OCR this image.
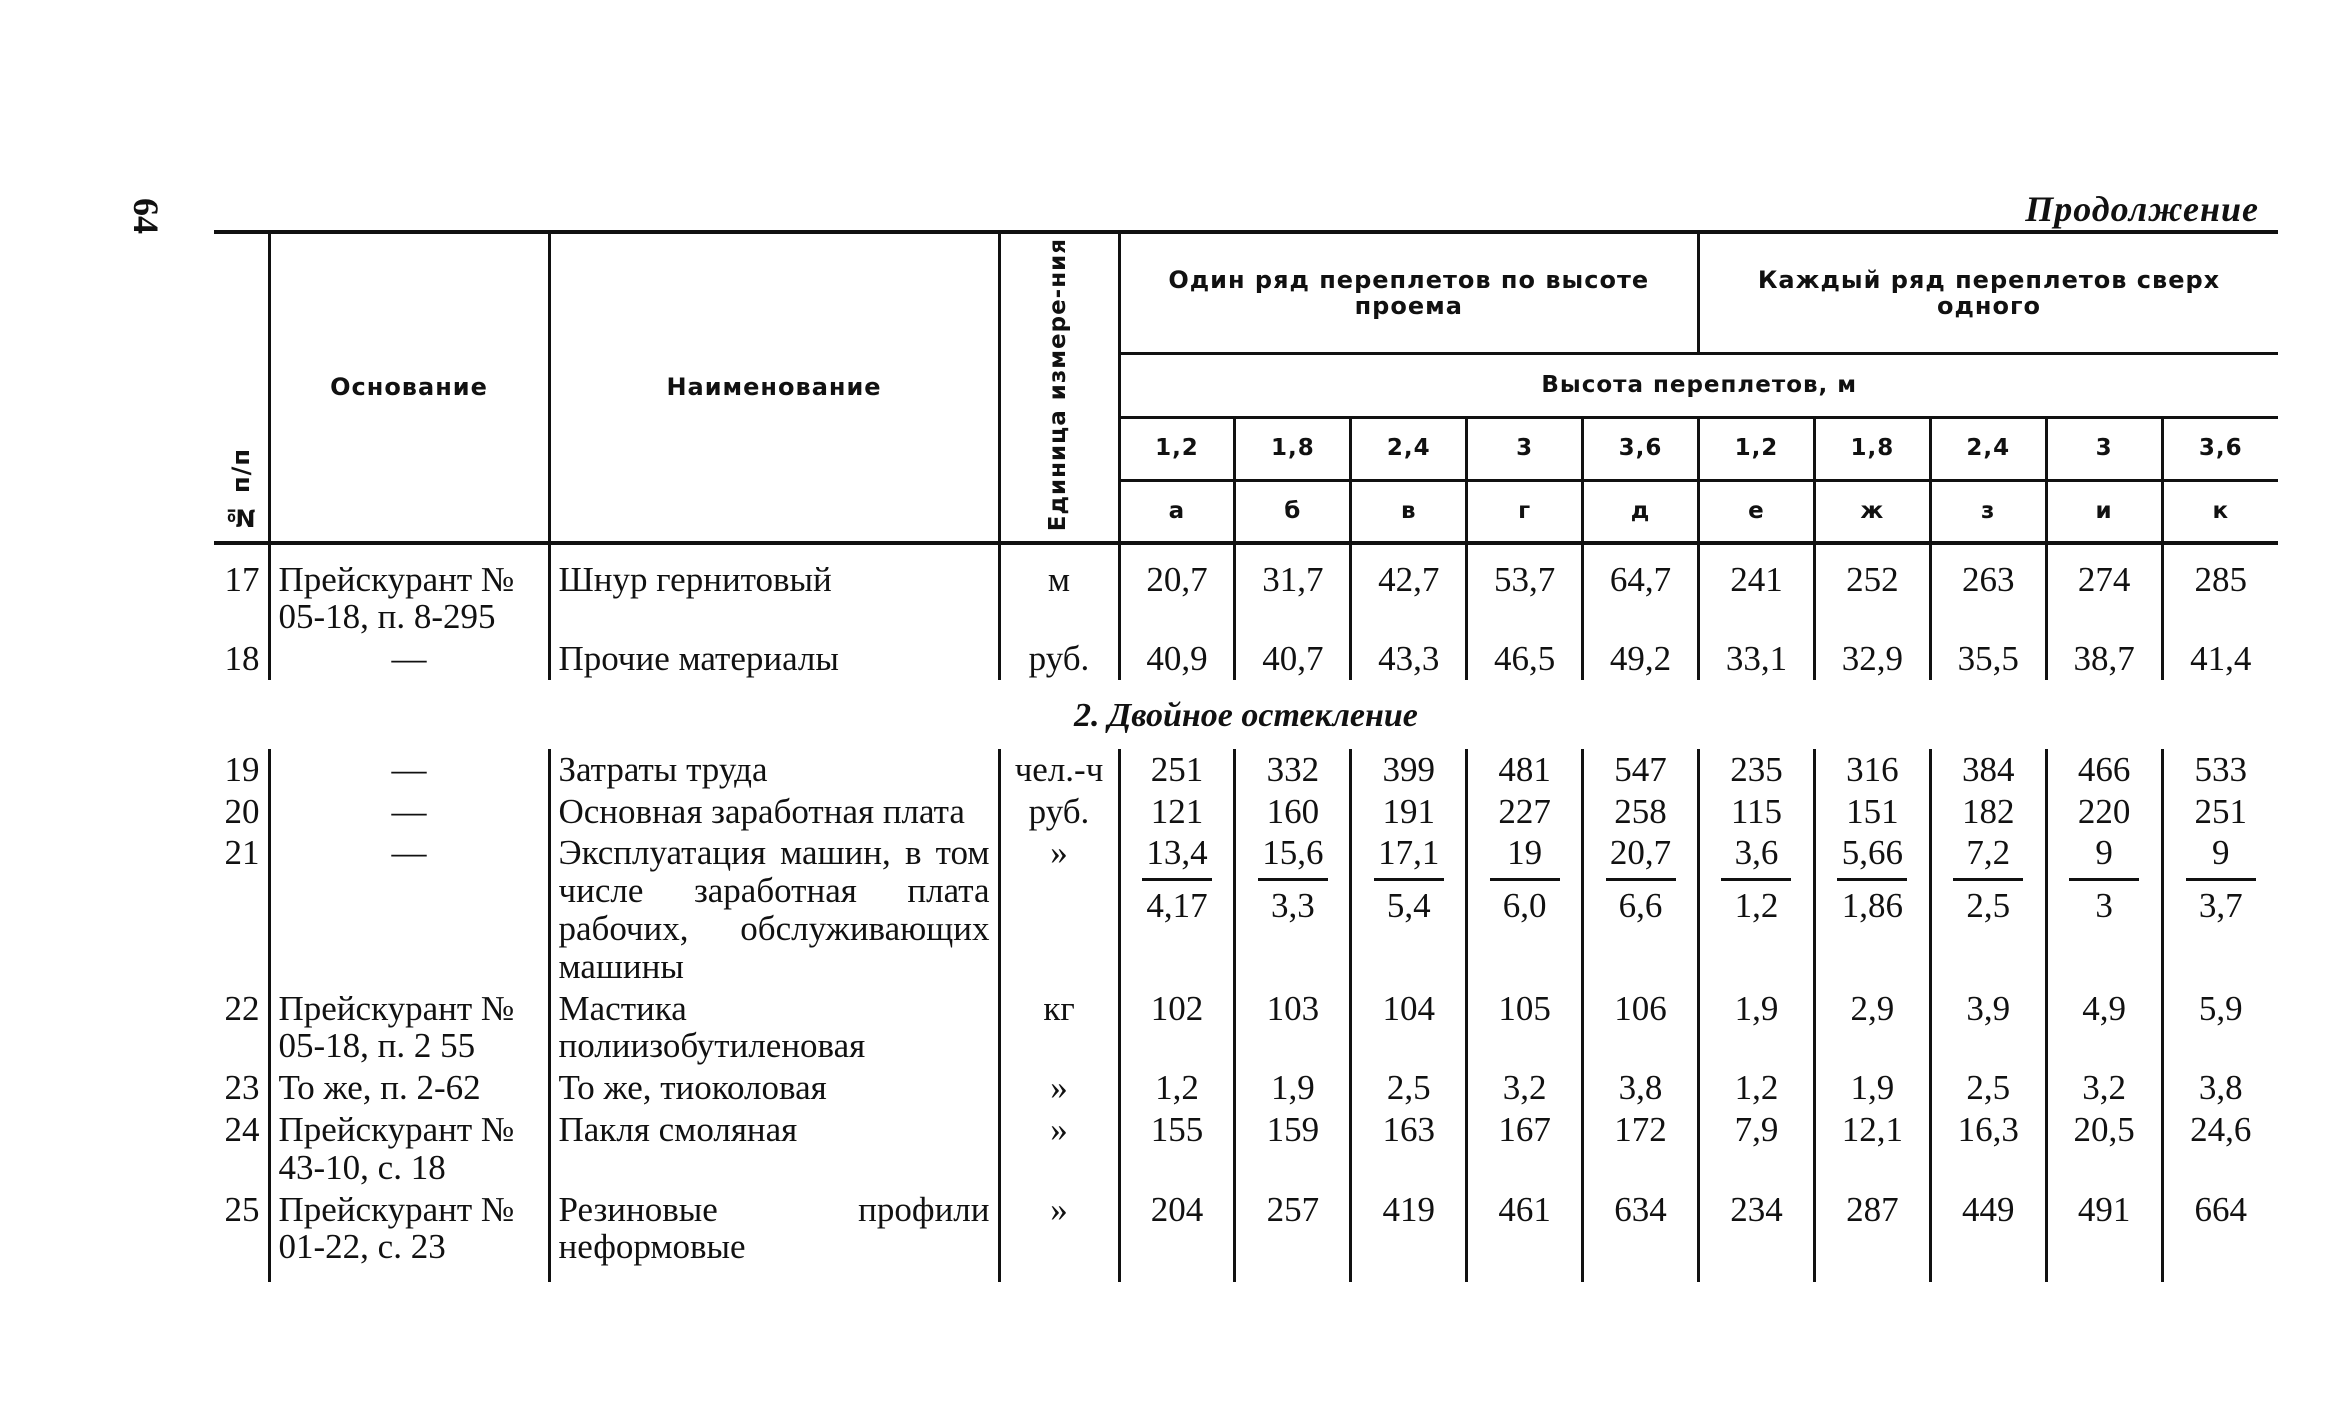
64	Продолжение
№ п/п	Основание	Наименование	Единица измере-ния	Один ряд переплетов по высоте проема					Каждый ряд переплетов сверх одного				
				Высота переплетов, м									
				1,2	1,8	2,4	3	3,6	1,2	1,8	2,4	3	3,6
				а	б	в	г	д	е	ж	з	и	к

17	Прейскурант № 05-18, п. 8-295	Шнур гернитовый	м	20,7	31,7	42,7	53,7	64,7	241	252	263	274	285
18	—	Прочие материалы	руб.	40,9	40,7	43,3	46,5	49,2	33,1	32,9	35,5	38,7	41,4
2. Двойное остекление													
19	—	Затраты труда	чел.-ч	251	332	399	481	547	235	316	384	466	533
20	—	Основная заработная плата	руб.	121	160	191	227	258	115	151	182	220	251
21	—	Эксплуатация машин, в том числе заработная плата рабочих, обслуживающих машины	»	$\frac{13,4}{4,17}$	$\frac{15,6}{3,3}$	$\frac{17,1}{5,4}$	$\frac{19}{6,0}$	$\frac{20,7}{6,6}$	$\frac{3,6}{1,2}$	$\frac{5,66}{1,86}$	$\frac{7,2}{2,5}$	$\frac{9}{3}$	$\frac{9}{3,7}$

22	Прейскурант № 05-18, п. 2 55	Мастика полиизобутиленовая	кг	102	103	104	105	106	1,9	2,9	3,9	4,9	5,9
23	То же, п. 2-62	То же, тиоколовая	»	1,2	1,9	2,5	3,2	3,8	1,2	1,9	2,5	3,2	3,8
24	Прейскурант № 43-10, с. 18	Пакля смоляная	»	155	159	163	167	172	7,9	12,1	16,3	20,5	24,6
25	Прейскурант № 01-22, с. 23	Резиновые профили неформовые	»	204	257	419	461	634	234	287	449	491	664
